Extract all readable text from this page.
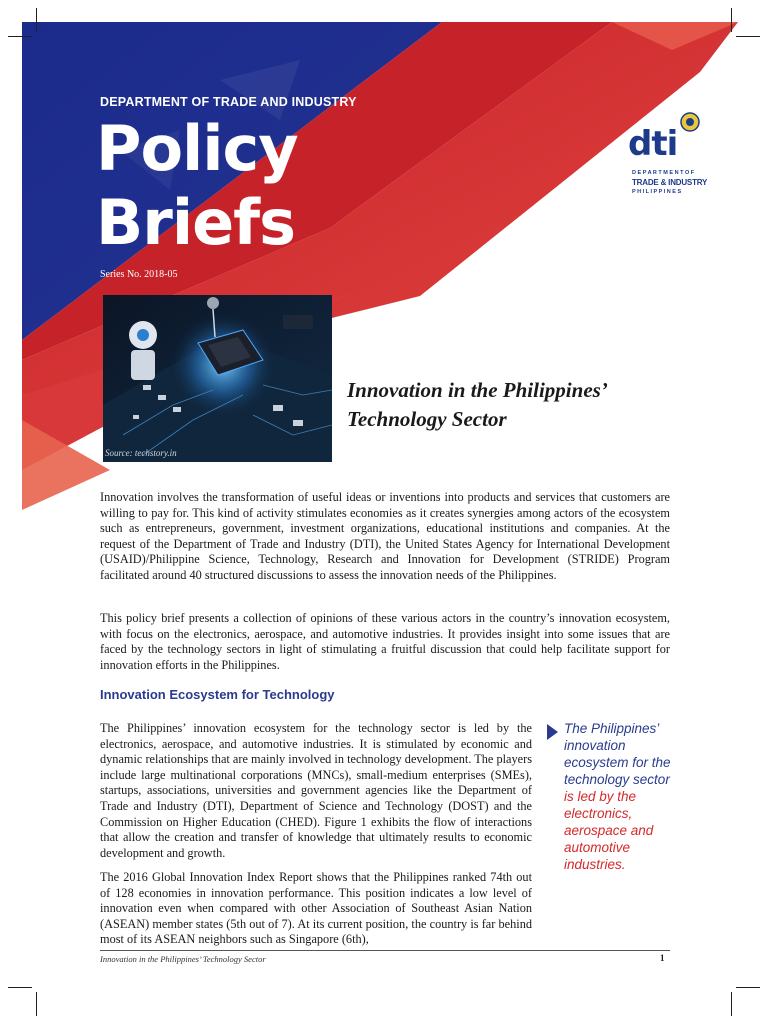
DEPARTMENT OF TRADE AND INDUSTRY
Policy
Briefs
Series No. 2018-05
dti
D E P A R T M E N T O F
TRADE & INDUSTRY
P H I L I P P I N E S
Source: techstory.in
Innovation in the Philippines’
Technology Sector

Innovation involves the transformation of useful ideas or inventions into products and services that customers are willing to pay for. This kind of activity stimulates economies as it creates synergies among actors of the ecosystem such as entrepreneurs, government, investment organizations, educational institutions and companies. At the request of the Department of Trade and Industry (DTI), the United States Agency for International Development (USAID)/Philippine Science, Technology, Research and Innovation for Development (STRIDE) Program facilitated around 40 structured discussions to assess the innovation needs of the Philippines.

This policy brief presents a collection of opinions of these various actors in the country’s innovation ecosystem, with focus on the electronics, aerospace, and automotive industries. It provides insight into some issues that are faced by the technology sectors in light of stimulating a fruitful discussion that could help facilitate support for innovation efforts in the Philippines.

Innovation Ecosystem for Technology

The Philippines’ innovation ecosystem for the technology sector is led by the electronics, aerospace, and automotive industries. It is stimulated by economic and dynamic relationships that are mainly involved in technology development. The players include large multinational corporations (MNCs), small-medium enterprises (SMEs), startups, associations, universities and government agencies like the Department of Trade and Industry (DTI), Department of Science and Technology (DOST) and the Commission on Higher Education (CHED). Figure 1 exhibits the flow of interactions that allow the creation and transfer of knowledge that ultimately results to economic development and growth.

The 2016 Global Innovation Index Report shows that the Philippines ranked 74th out of 128 economies in innovation performance. This position indicates a low level of innovation even when compared with other Association of Southeast Asian Nation (ASEAN) member states (5th out of 7). At its current position, the country is far behind most of its ASEAN neighbors such as Singapore (6th),

The Philippines’ innovation ecosystem for the technology sector is led by the electronics, aerospace and automotive industries.
Innovation in the Philippines’ Technology Sector	1
